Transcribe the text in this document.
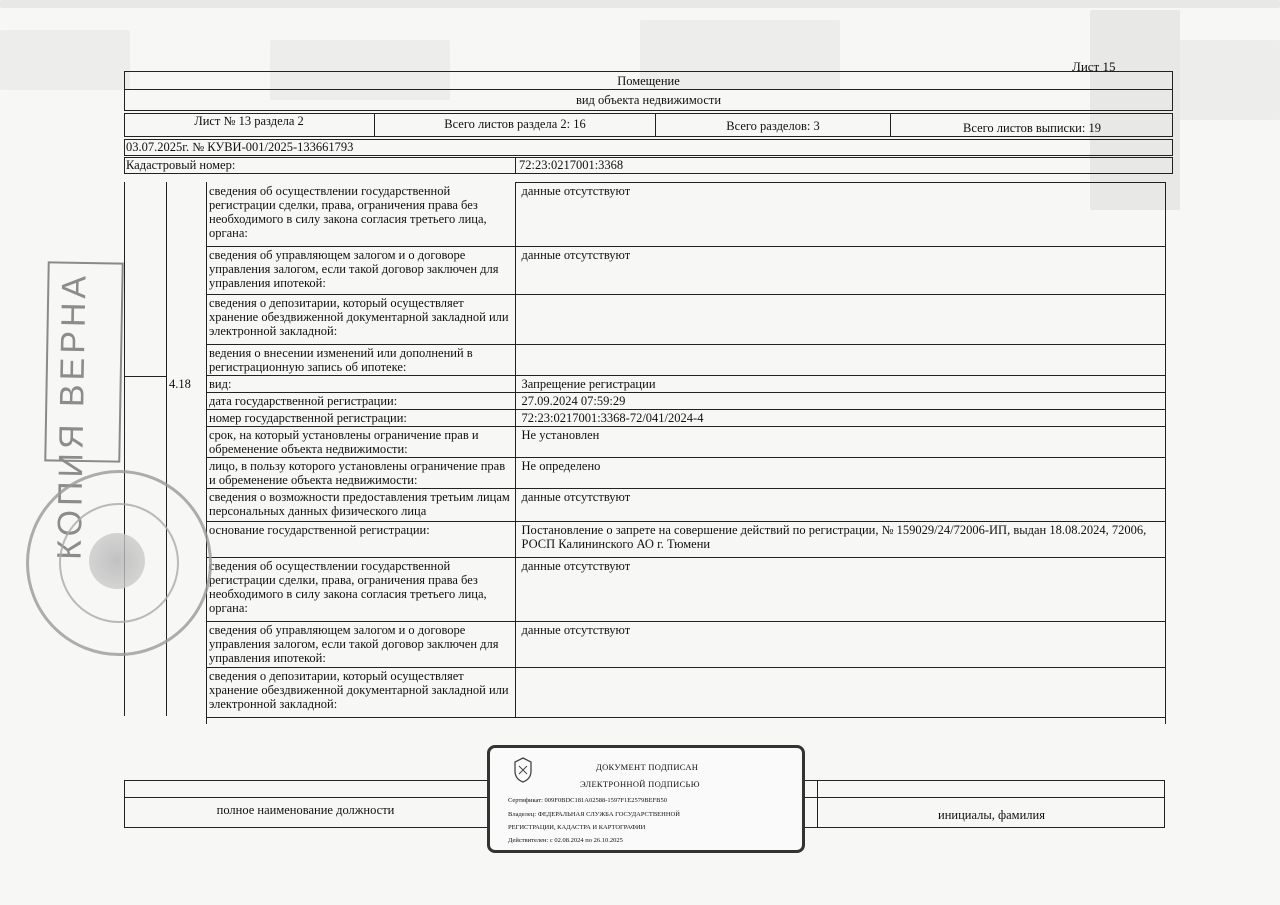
Лист 15
Помещение
вид объекта недвижимости
Лист № 13 раздела 2	Всего листов раздела 2: 16	Всего разделов: 3	Всего листов выписки: 19
03.07.2025г. № КУВИ-001/2025-133661793
Кадастровый номер:	72:23:0217001:3368
4.18
сведения об осуществлении государственной регистрации сделки, права, ограничения права без необходимого в силу закона согласия третьего лица, органа:	данные отсутствуют
сведения об управляющем залогом и о договоре управления залогом, если такой договор заключен для управления ипотекой:	данные отсутствуют
сведения о депозитарии, который осуществляет хранение обездвиженной документарной закладной или электронной закладной:	
ведения о внесении изменений или дополнений в регистрационную запись об ипотеке:	
вид:	Запрещение регистрации
дата государственной регистрации:	27.09.2024 07:59:29
номер государственной регистрации:	72:23:0217001:3368-72/041/2024-4
срок, на который установлены ограничение прав и обременение объекта недвижимости:	Не установлен
лицо, в пользу которого установлены ограничение прав и обременение объекта недвижимости:	Не определено
сведения о возможности предоставления третьим лицам персональных данных физического лица	данные отсутствуют
основание государственной регистрации:	Постановление о запрете на совершение действий по регистрации, № 159029/24/72006-ИП, выдан 18.08.2024, 72006, РОСП Калининского АО г. Тюмени
сведения об осуществлении государственной регистрации сделки, права, ограничения права без необходимого в силу закона согласия третьего лица, органа:	данные отсутствуют
сведения об управляющем залогом и о договоре управления залогом, если такой договор заключен для управления ипотекой:	данные отсутствуют
сведения о депозитарии, который осуществляет хранение обездвиженной документарной закладной или электронной закладной:	
полное наименование должности	инициалы, фамилия
КОПИЯ ВЕРНА
ДОКУМЕНТ ПОДПИСАН
ЭЛЕКТРОННОЙ ПОДПИСЬЮ
Сертификат: 009F0BDC181A02588-1597F1E2579BEFB50
Владелец: ФЕДЕРАЛЬНАЯ СЛУЖБА ГОСУДАРСТВЕННОЙ
РЕГИСТРАЦИИ, КАДАСТРА И КАРТОГРАФИИ
Действителен: с 02.08.2024 по 26.10.2025
